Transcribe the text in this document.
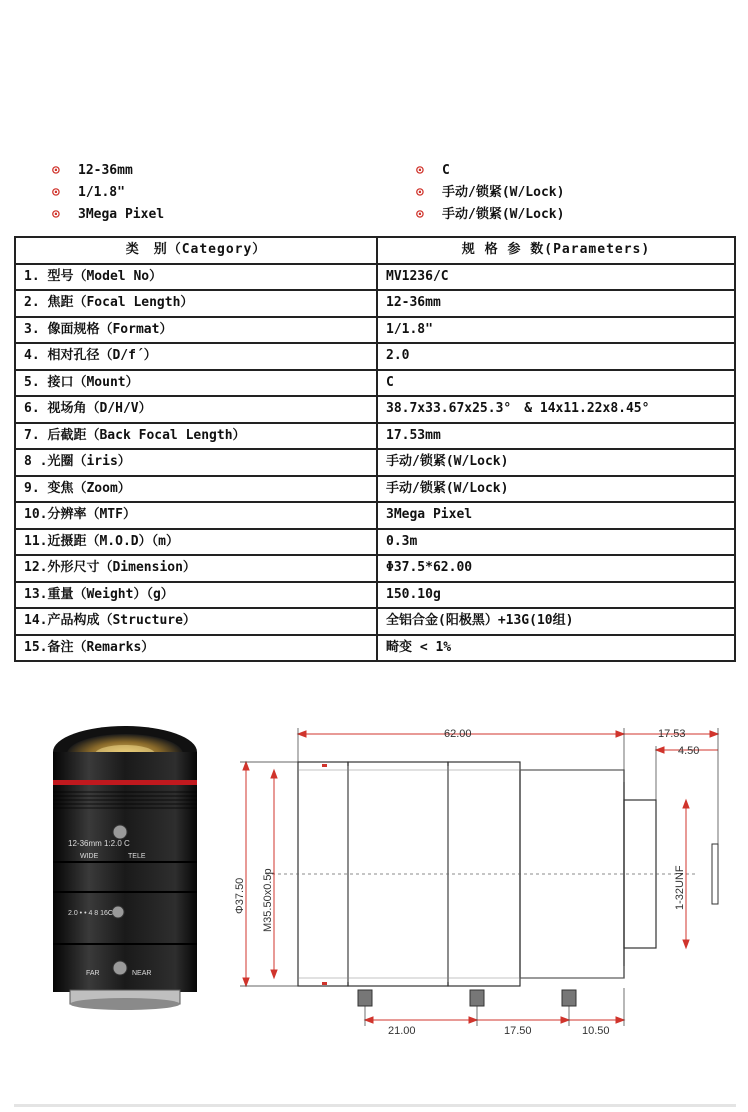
⊙ 12-36mm
⊙ 1/1.8"
⊙ 3Mega Pixel
⊙ C
⊙ 手动/锁紧(W/Lock)
⊙ 手动/锁紧(W/Lock)
类　别（Category）	规 格 参 数(Parameters)
1. 型号（Model No）	MV1236/C
2. 焦距（Focal Length）	12-36mm
3. 像面规格（Format）	1/1.8"
4. 相对孔径（D/f´）	2.0
5. 接口（Mount）	C
6. 视场角（D/H/V）	38.7x33.67x25.3°　& 14x11.22x8.45°
7. 后截距（Back Focal Length）	17.53mm
8 .光圈（iris）	手动/锁紧(W/Lock)
9. 变焦（Zoom）	手动/锁紧(W/Lock)
10.分辨率（MTF）	3Mega Pixel
11.近摄距（M.O.D）（m）	0.3m
12.外形尺寸（Dimension）	Φ37.5*62.00
13.重量（Weight）（g）	150.10g
14.产品构成（Structure）	全铝合金(阳极黑）+13G(10组)
15.备注（Remarks）	畸变 < 1%
12-36mm 1:2.0 C
WIDE	TELE
2.0 • • 4 8 16C
FAR	NEAR
62.00	17.53
4.50
21.00	17.50	10.50
Φ37.50 M35.50x0.5p	1-32UNF
